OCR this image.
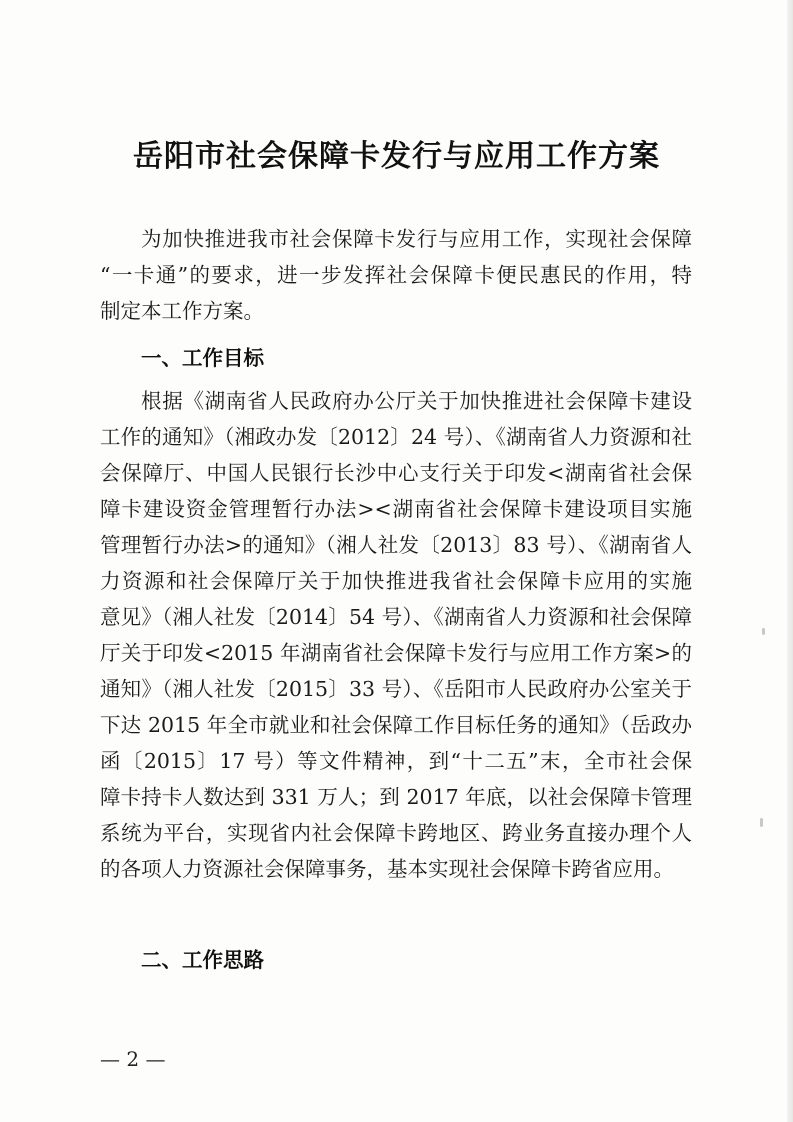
岳阳市社会保障卡发行与应用工作方案
为加快推进我市社会保障卡发行与应用工作，实现社会保障
“一卡通”的要求，进一步发挥社会保障卡便民惠民的作用，特
制定本工作方案。
一、工作目标
根据《湖南省人民政府办公厅关于加快推进社会保障卡建设
工作的通知》（湘政办发〔2012〕24 号）、《湖南省人力资源和社
会保障厅、中国人民银行长沙中心支行关于印发<湖南省社会保
障卡建设资金管理暂行办法><湖南省社会保障卡建设项目实施
管理暂行办法>的通知》（湘人社发〔2013〕83 号）、《湖南省人
力资源和社会保障厅关于加快推进我省社会保障卡应用的实施
意见》（湘人社发〔2014〕54 号）、《湖南省人力资源和社会保障
厅关于印发<2015 年湖南省社会保障卡发行与应用工作方案>的
通知》（湘人社发〔2015〕33 号）、《岳阳市人民政府办公室关于
下达 2015 年全市就业和社会保障工作目标任务的通知》（岳政办
函〔2015〕17 号）等文件精神，到“十二五”末，全市社会保
障卡持卡人数达到 331 万人；到 2017 年底，以社会保障卡管理
系统为平台，实现省内社会保障卡跨地区、跨业务直接办理个人
的各项人力资源社会保障事务，基本实现社会保障卡跨省应用。
二、工作思路
— 2 —
